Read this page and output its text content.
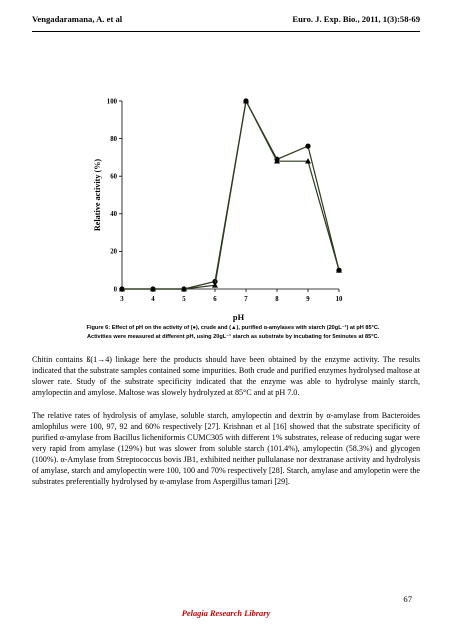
Vengadaramana, A. et al	Euro. J. Exp. Bio., 2011, 1(3):58-69
0
20
40
60
80
100
3	4	5	6	7	8	9	10
pH
Relative activity (%)
Figure 6: Effect of pH on the activity of (●), crude and (▲), purified α-amylases with starch (20gL⁻¹) at pH 85°C.
Activities were measured at different pH, using 20gL⁻¹ starch as substrate by incubating for 5minutes at 85°C.

Chitin contains ß(1→4) linkage here the products should have been obtained by the enzyme activity. The results indicated that the substrate samples contained some impurities. Both crude and purified enzymes hydrolysed maltose at slower rate. Study of the substrate specificity indicated that the enzyme was able to hydrolyse mainly starch, amylopectin and amylose. Maltose was slowely hydrolyzed at 85°C and at pH 7.0.

The relative rates of hydrolysis of amylase, soluble starch, amylopectin and dextrin by α-amylase from Bacteroides amlophilus were 100, 97, 92 and 60% respectively [27]. Krishnan et al [16] showed that the substrate specificity of purified α-amylase from Bacillus licheniformis CUMC305 with different 1% substrates, release of reducing sugar were very rapid from amylase (129%) but was slower from soluble starch (101.4%), amylopectin (58.3%) and glycogen (100%). α-Amylase from Streptococcus bovis JB1, exhibited neither pullulanase nor dextranase activity and hydrolysis of amylase, starch and amylopectin were 100, 100 and 70% respectively [28]. Starch, amylase and amylopetin were the substrates preferentially hydrolysed by α-amylase from Aspergillus tamari [29].

67
Pelagia Research Library
